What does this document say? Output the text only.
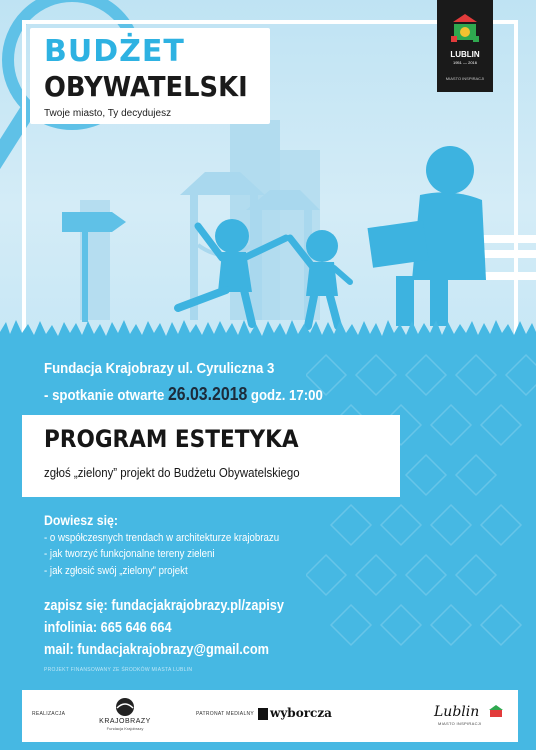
BUDŻET
OBYWATELSKI
Twoje miasto, Ty decydujesz
LUBLIN
1951 — 2016
MIASTO INSPIRACJI
Fundacja Krajobrazy ul. Cyruliczna 3
- spotkanie otwarte 26.03.2018 godz. 17:00
PROGRAM ESTETYKA
zgłoś „zielony” projekt do Budżetu Obywatelskiego
Dowiesz się:
- o współczesnych trendach w architekturze krajobrazu
- jak tworzyć funkcjonalne tereny zieleni
- jak zgłosić swój „zielony” projekt
zapisz się: fundacjakrajobrazy.pl/zapisy
infolinia: 665 646 664
mail: fundacjakrajobrazy@gmail.com
PROJEKT FINANSOWANY ZE ŚRODKÓW MIASTA LUBLIN
REALIZACJA
KRAJOBRAZY
Fundacja Krajobrazy
PATRONAT MEDIALNY wyborcza	Lublin
MIASTO INSPIRACJI
